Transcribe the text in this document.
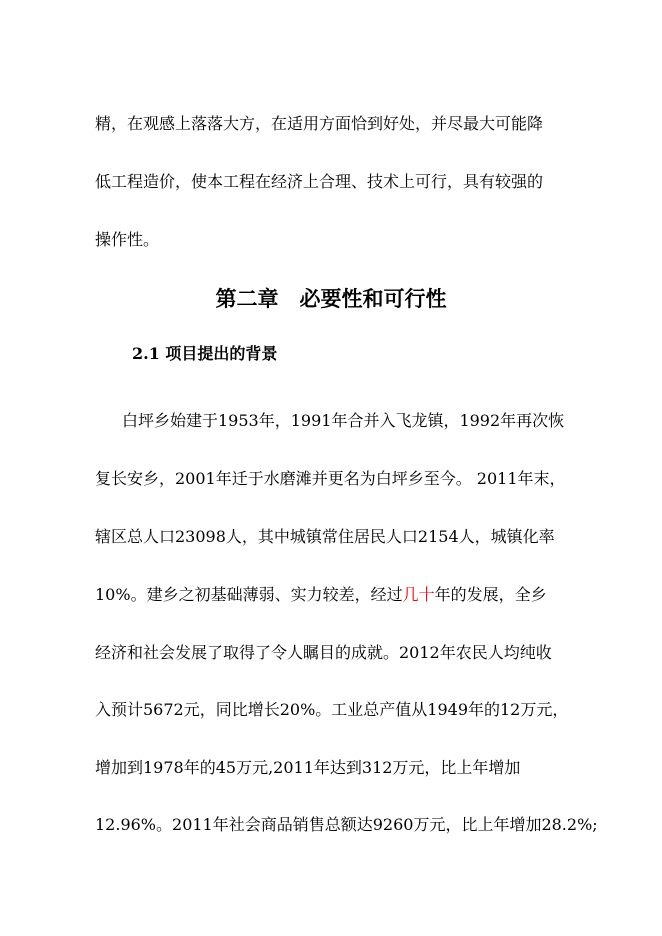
精，在观感上落落大方，在适用方面恰到好处，并尽最大可能降
低工程造价，使本工程在经济上合理、技术上可行，具有较强的
操作性。
第二章　必要性和可行性
2.1 项目提出的背景
白坪乡始建于1953年，1991年合并入飞龙镇，1992年再次恢
复长安乡，2001年迁于水磨滩并更名为白坪乡至今。 2011年末，
辖区总人口23098人，其中城镇常住居民人口2154人，城镇化率
10%。建乡之初基础薄弱、实力较差，经过几十年的发展，全乡
经济和社会发展了取得了令人瞩目的成就。2012年农民人均纯收
入预计5672元，同比增长20%。工业总产值从1949年的12万元，
增加到1978年的45万元,2011年达到312万元，比上年增加
12.96%。2011年社会商品销售总额达9260万元，比上年增加28.2%;
